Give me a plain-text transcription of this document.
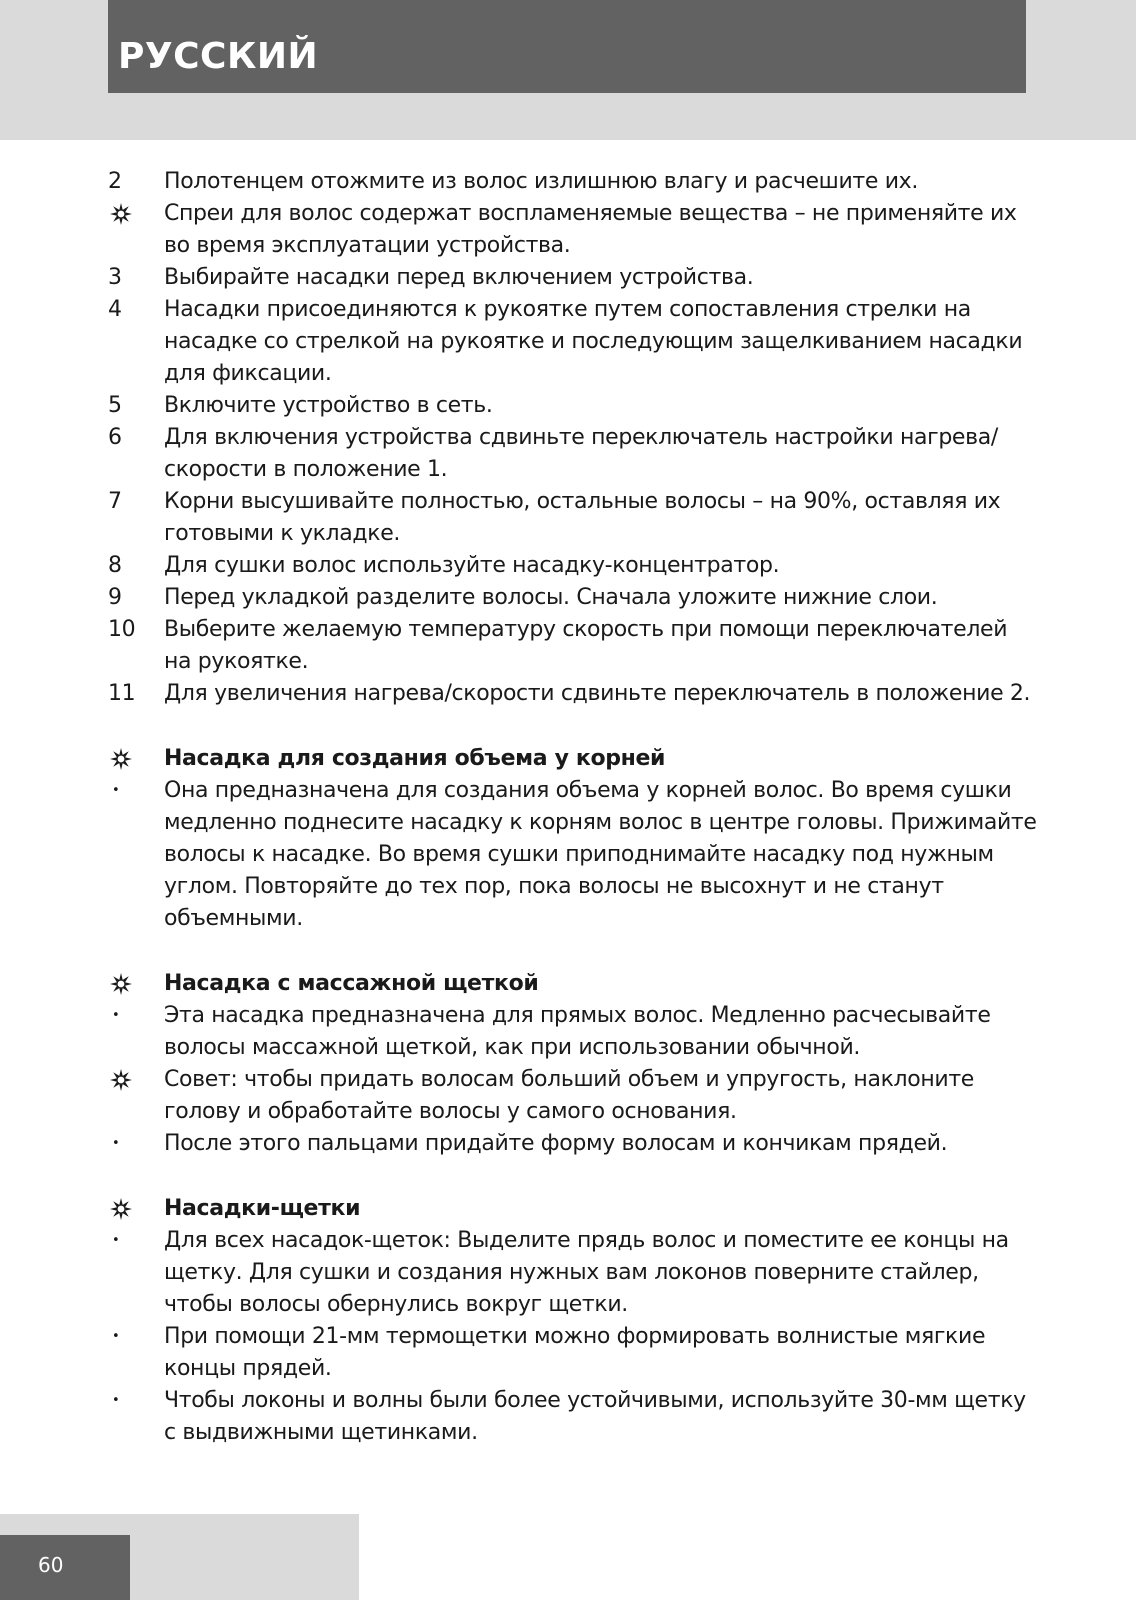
РУССКИЙ
2 Полотенцем отожмите из волос излишнюю влагу и расчешите их.
Спреи для волос содержат воспламеняемые вещества – не применяйте их во время эксплуатации устройства.
3 Выбирайте насадки перед включением устройства.
4 Насадки присоединяются к рукоятке путем сопоставления стрелки на насадке со стрелкой на рукоятке и последующим защелкиванием насадки для фиксации.
5 Включите устройство в сеть.
6 Для включения устройства сдвиньте переключатель настройки нагрева/скорости в положение 1.
7 Корни высушивайте полностью, остальные волосы – на 90%, оставляя их готовыми к укладке.
8 Для сушки волос используйте насадку-концентратор.
9 Перед укладкой разделите волосы. Сначала уложите нижние слои.
10 Выберите желаемую температуру скорость при помощи переключателей на рукоятке.
11 Для увеличения нагрева/скорости сдвиньте переключатель в положение 2.
Насадка для создания объема у корней
• Она предназначена для создания объема у корней волос. Во время сушки медленно поднесите насадку к корням волос в центре головы. Прижимайте волосы к насадке. Во время сушки приподнимайте насадку под нужным углом. Повторяйте до тех пор, пока волосы не высохнут и не станут объемными.
Насадка с массажной щеткой
• Эта насадка предназначена для прямых волос. Медленно расчесывайте волосы массажной щеткой, как при использовании обычной.
Совет: чтобы придать волосам больший объем и упругость, наклоните голову и обработайте волосы у самого основания.
• После этого пальцами придайте форму волосам и кончикам прядей.
Насадки-щетки
• Для всех насадок-щеток: Выделите прядь волос и поместите ее концы на щетку. Для сушки и создания нужных вам локонов поверните стайлер, чтобы волосы обернулись вокруг щетки.
• При помощи 21-мм термощетки можно формировать волнистые мягкие концы прядей.
• Чтобы локоны и волны были более устойчивыми, используйте 30-мм щетку с выдвижными щетинками.
60
